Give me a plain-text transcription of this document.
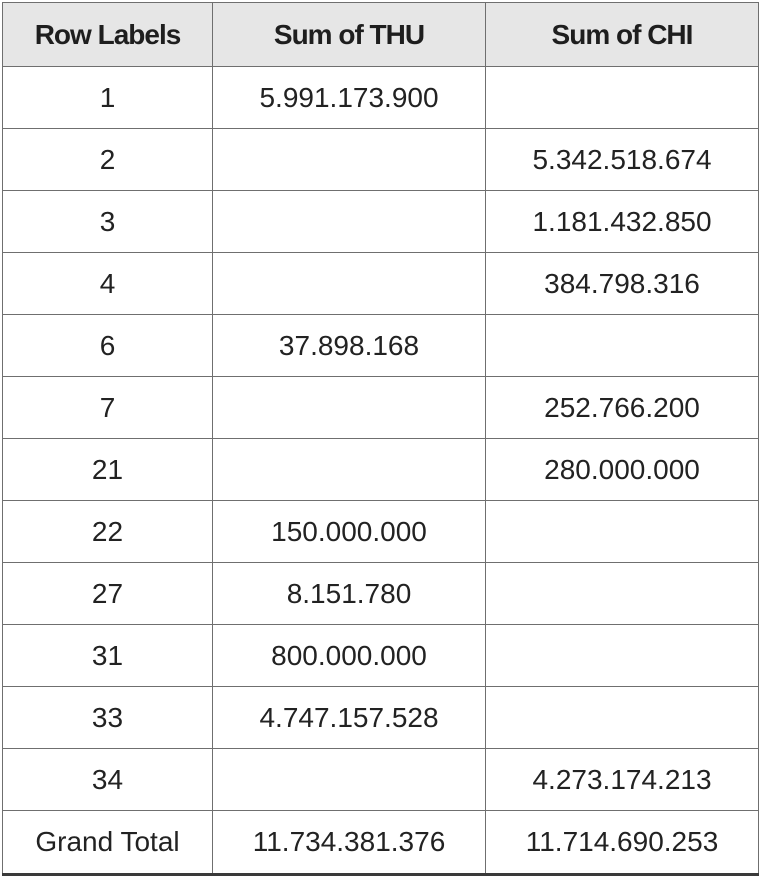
Row Labels	Sum of THU	Sum of CHI
1	5.991.173.900	
2		5.342.518.674
3		1.181.432.850
4		384.798.316
6	37.898.168	
7		252.766.200
21		280.000.000
22	150.000.000	
27	8.151.780	
31	800.000.000	
33	4.747.157.528	
34		4.273.174.213
Grand Total	11.734.381.376	11.714.690.253
